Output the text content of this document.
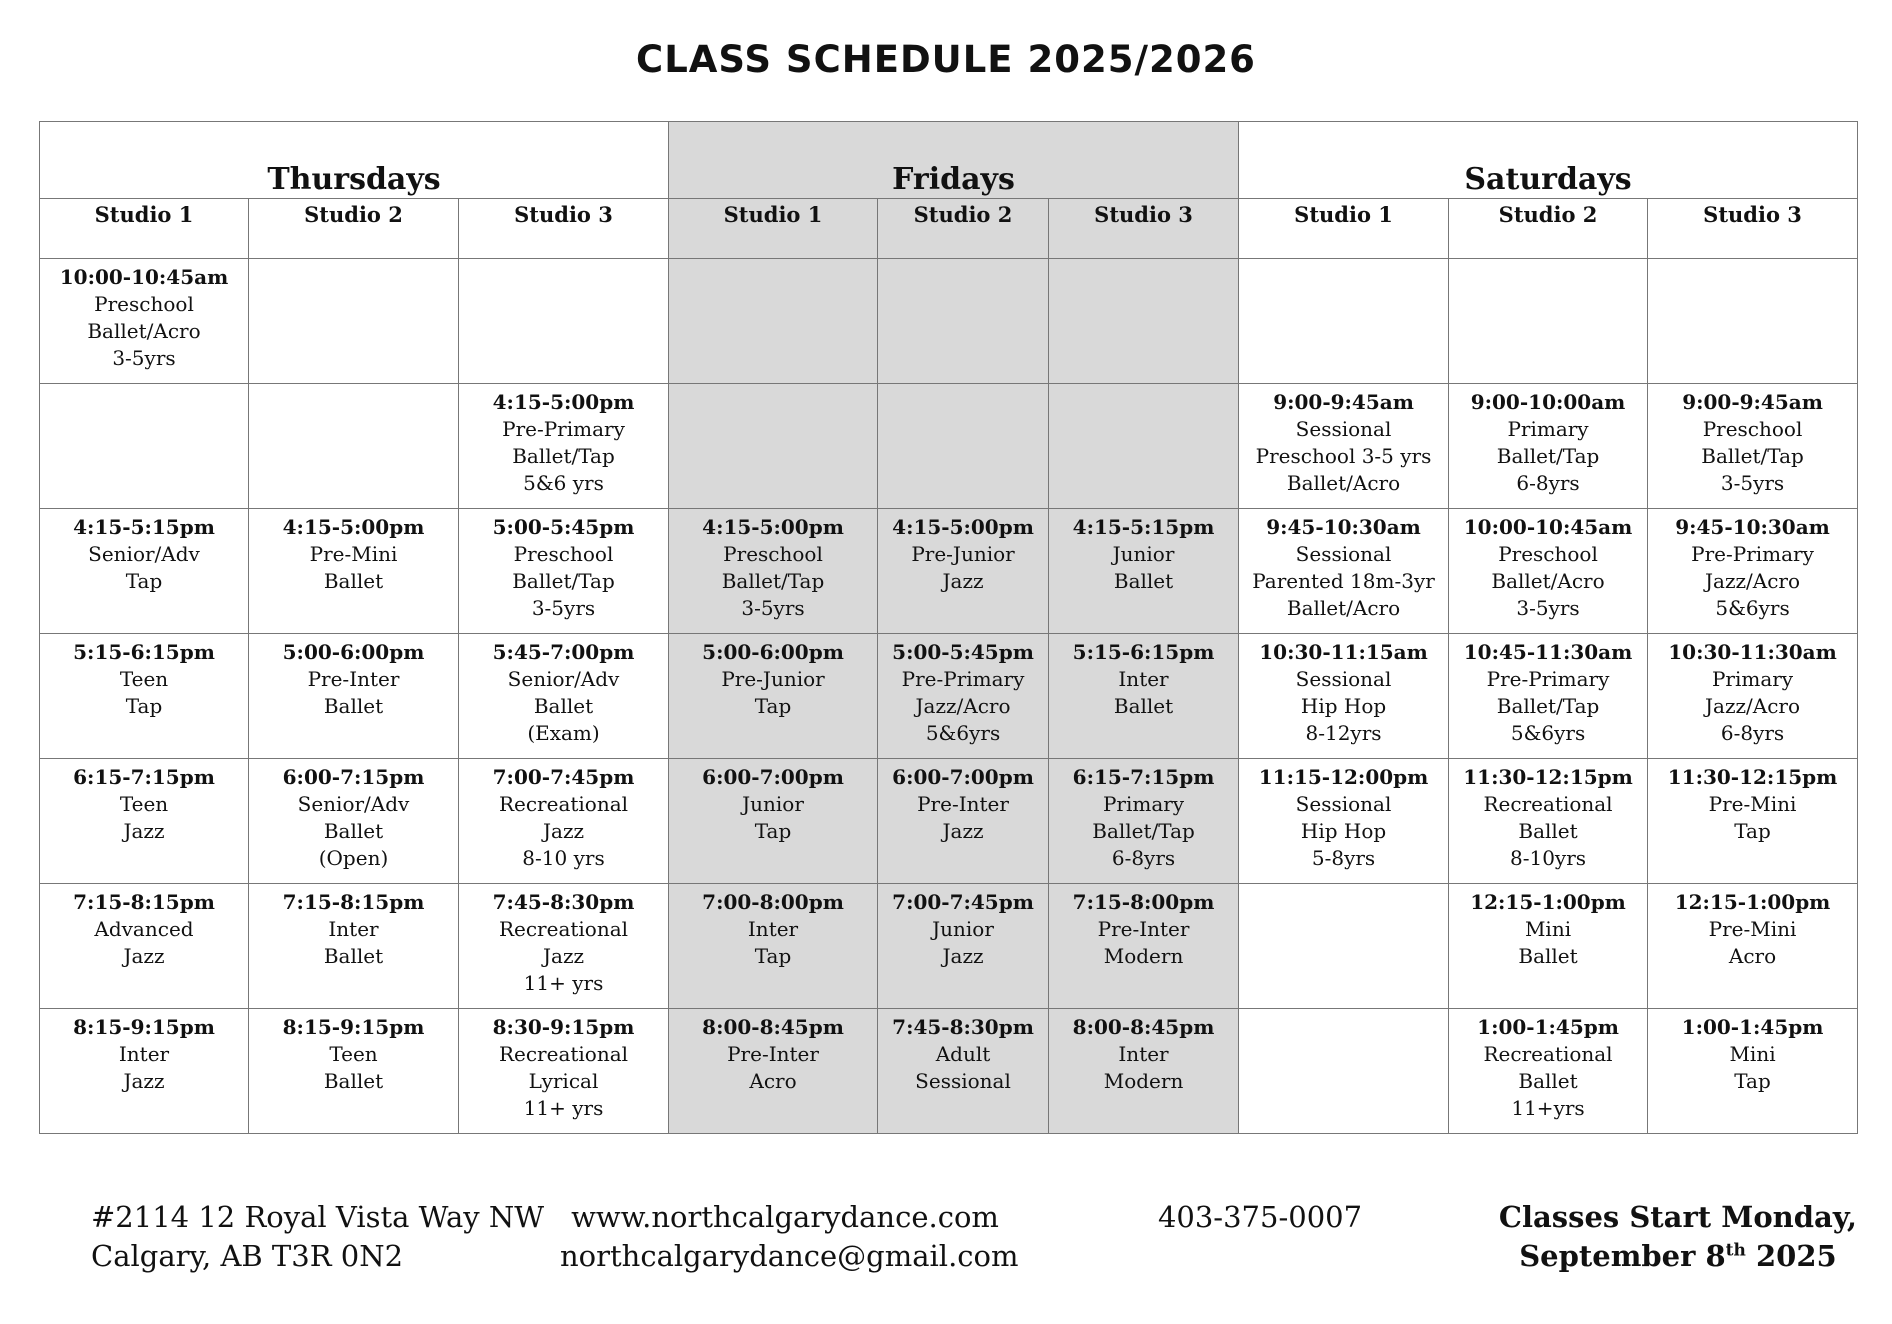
CLASS SCHEDULE 2025/2026
Thursdays			Fridays			Saturdays		
Studio 1	Studio 2	Studio 3	Studio 1	Studio 2	Studio 3	Studio 1	Studio 2	Studio 3

10:00-10:45am
Preschool
Ballet/Acro
3-5yrs								

		4:15-5:00pm
Pre-Primary
Ballet/Tap
5&6 yrs				9:00-9:45am
Sessional
Preschool 3-5 yrs
Ballet/Acro	9:00-10:00am
Primary
Ballet/Tap
6-8yrs	9:00-9:45am
Preschool
Ballet/Tap
3-5yrs

4:15-5:15pm
Senior/Adv
Tap	4:15-5:00pm
Pre-Mini
Ballet	5:00-5:45pm
Preschool
Ballet/Tap
3-5yrs	4:15-5:00pm
Preschool
Ballet/Tap
3-5yrs	4:15-5:00pm
Pre-Junior
Jazz	4:15-5:15pm
Junior
Ballet	9:45-10:30am
Sessional
Parented 18m-3yr
Ballet/Acro	10:00-10:45am
Preschool
Ballet/Acro
3-5yrs	9:45-10:30am
Pre-Primary
Jazz/Acro
5&6yrs

5:15-6:15pm
Teen
Tap	5:00-6:00pm
Pre-Inter
Ballet	5:45-7:00pm
Senior/Adv
Ballet
(Exam)	5:00-6:00pm
Pre-Junior
Tap	5:00-5:45pm
Pre-Primary
Jazz/Acro
5&6yrs	5:15-6:15pm
Inter
Ballet	10:30-11:15am
Sessional
Hip Hop
8-12yrs	10:45-11:30am
Pre-Primary
Ballet/Tap
5&6yrs	10:30-11:30am
Primary
Jazz/Acro
6-8yrs

6:15-7:15pm
Teen
Jazz	6:00-7:15pm
Senior/Adv
Ballet
(Open)	7:00-7:45pm
Recreational
Jazz
8-10 yrs	6:00-7:00pm
Junior
Tap	6:00-7:00pm
Pre-Inter
Jazz	6:15-7:15pm
Primary
Ballet/Tap
6-8yrs	11:15-12:00pm
Sessional
Hip Hop
5-8yrs	11:30-12:15pm
Recreational
Ballet
8-10yrs	11:30-12:15pm
Pre-Mini
Tap

7:15-8:15pm
Advanced
Jazz	7:15-8:15pm
Inter
Ballet	7:45-8:30pm
Recreational
Jazz
11+ yrs	7:00-8:00pm
Inter
Tap	7:00-7:45pm
Junior
Jazz	7:15-8:00pm
Pre-Inter
Modern		12:15-1:00pm
Mini
Ballet	12:15-1:00pm
Pre-Mini
Acro

8:15-9:15pm
Inter
Jazz	8:15-9:15pm
Teen
Ballet	8:30-9:15pm
Recreational
Lyrical
11+ yrs	8:00-8:45pm
Pre-Inter
Acro	7:45-8:30pm
Adult
Sessional	8:00-8:45pm
Inter
Modern		1:00-1:45pm
Recreational
Ballet
11+yrs	1:00-1:45pm
Mini
Tap
#2114 12 Royal Vista Way NW
Calgary, AB T3R 0N2
www.northcalgarydance.com
northcalgarydance@gmail.com
403-375-0007	Classes Start Monday,
September 8th 2025
